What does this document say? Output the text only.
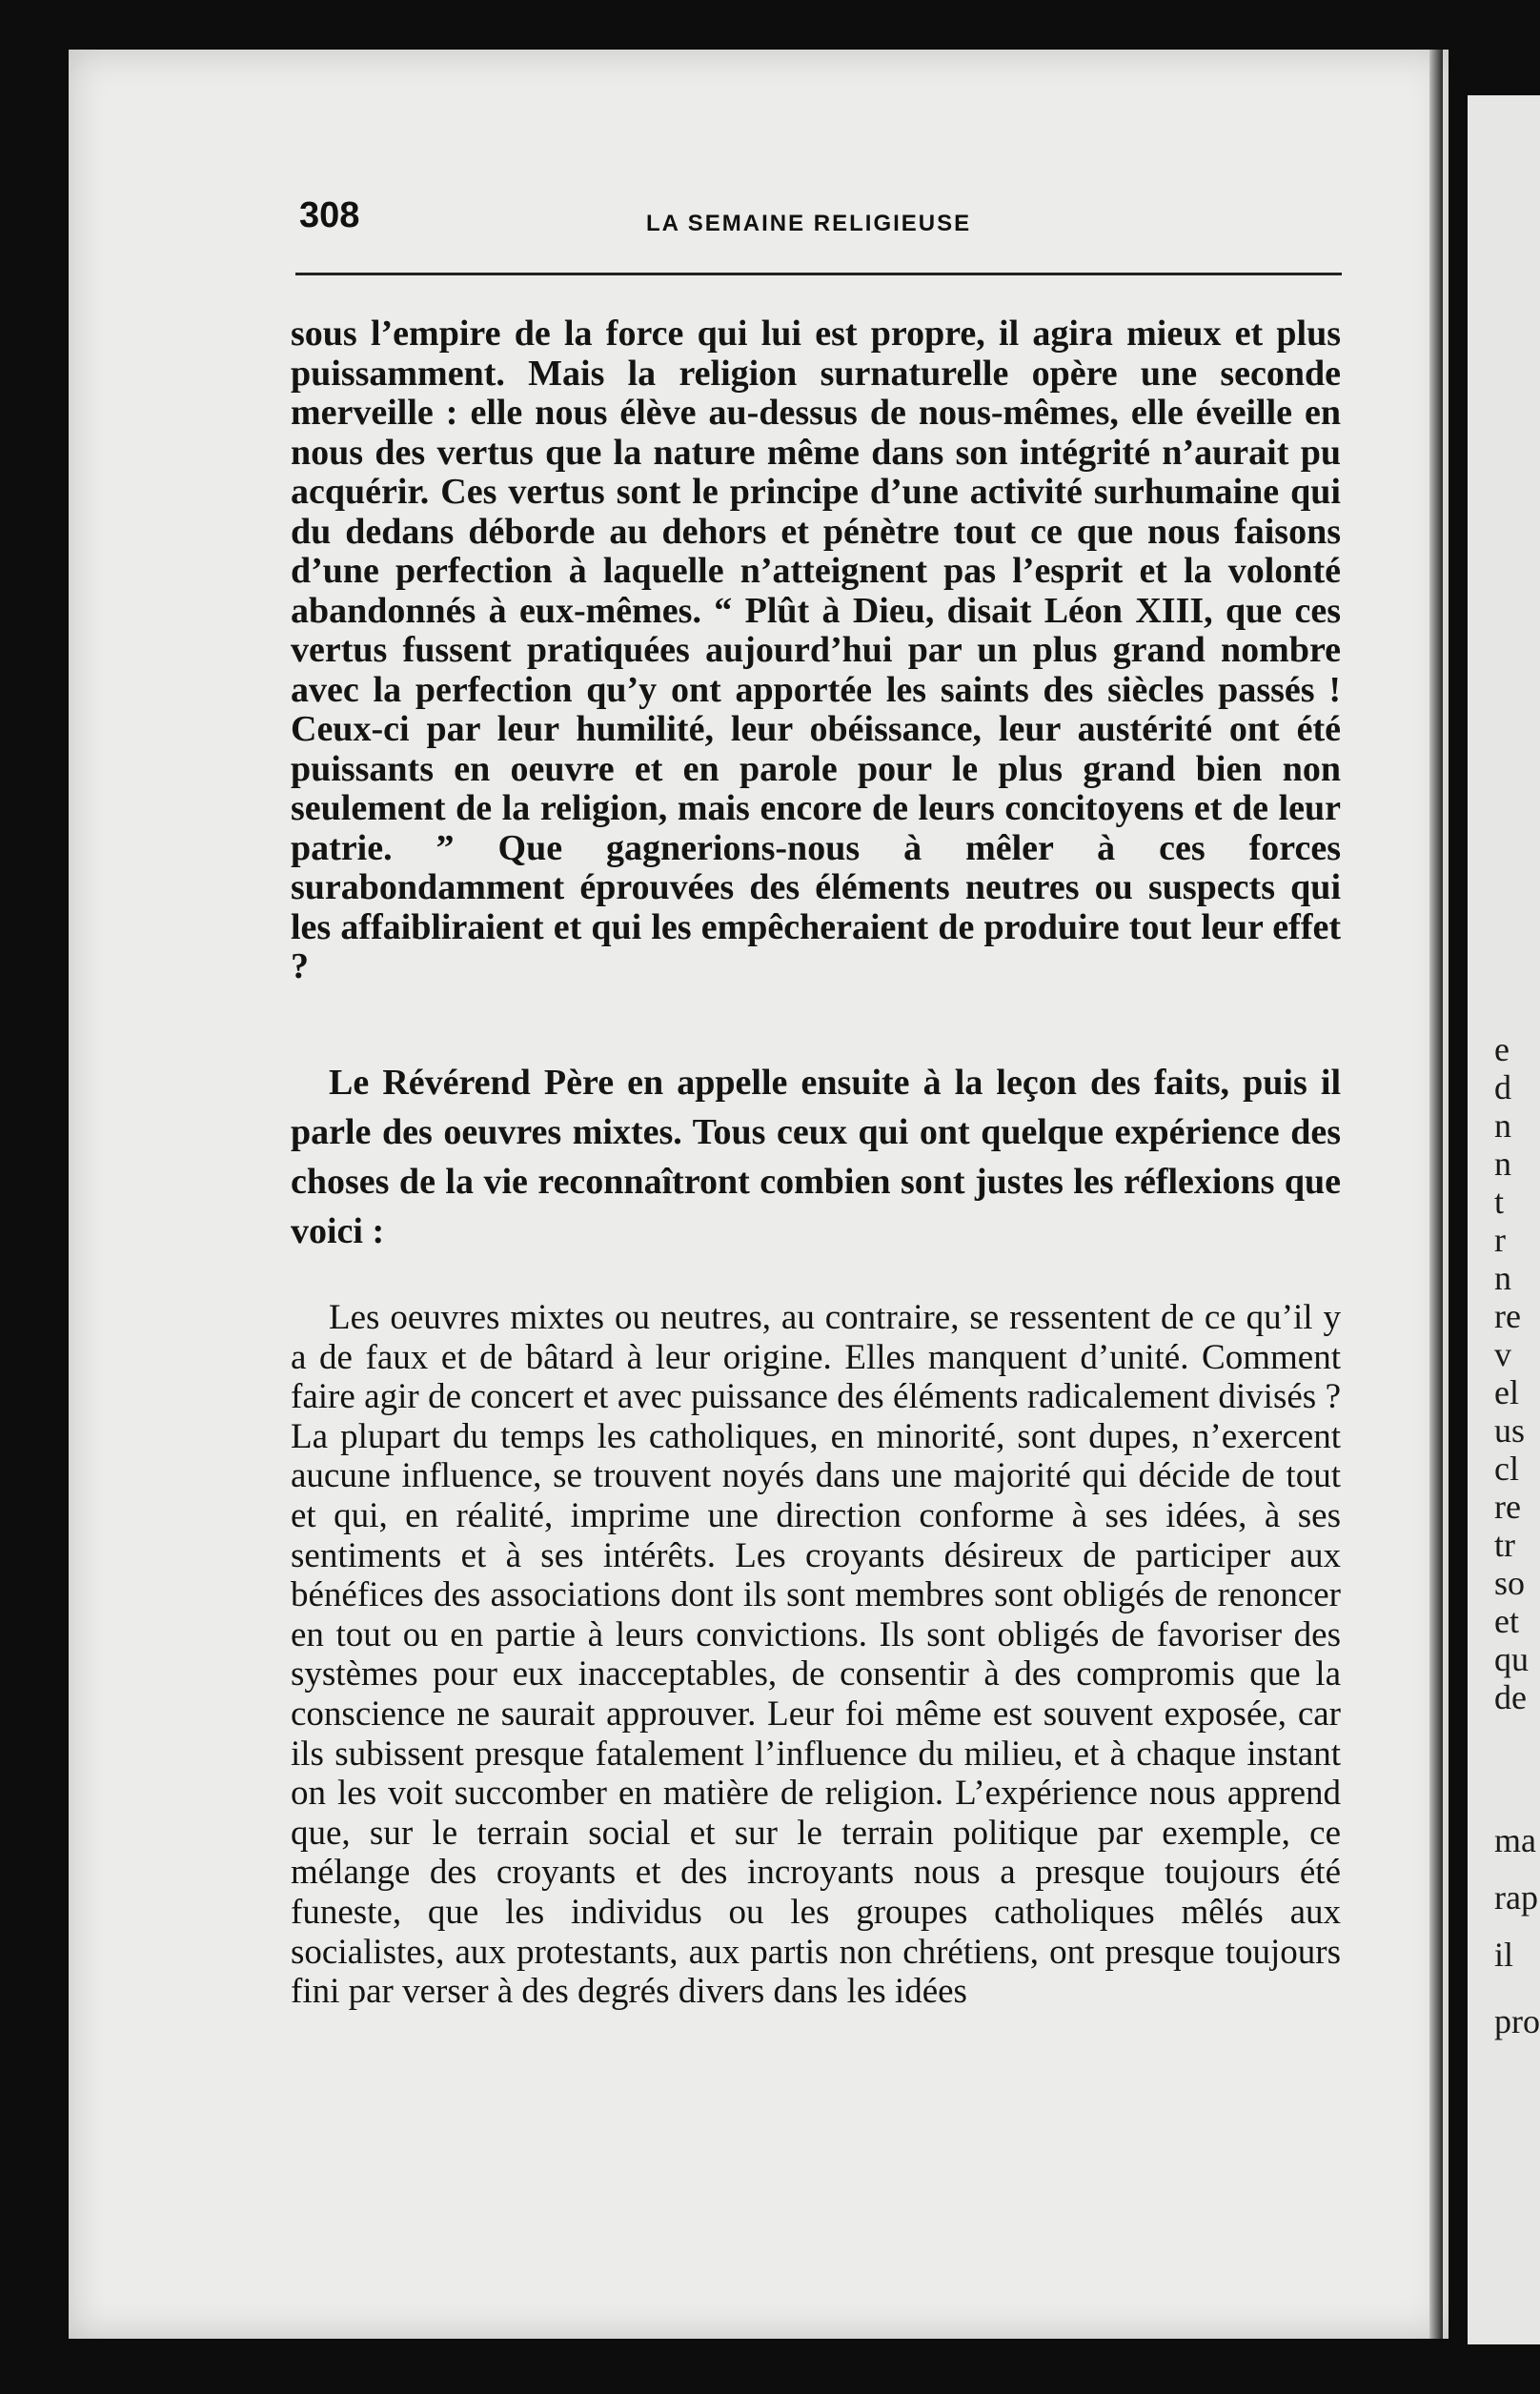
e
d
n
n
t
r
n
re
v
el
us
cl
re
tr
so
et
qu
de
ma
rap
il
pro
308	LA SEMAINE RELIGIEUSE
sous l’empire de la force qui lui est propre, il agira mieux et plus puissamment. Mais la religion surnaturelle opère une seconde merveille : elle nous élève au-dessus de nous-mêmes, elle éveille en nous des vertus que la nature même dans son intégrité n’aurait pu acquérir. Ces vertus sont le principe d’une activité surhumaine qui du dedans déborde au dehors et pénètre tout ce que nous faisons d’une perfection à laquelle n’atteignent pas l’esprit et la volonté abandonnés à eux-mêmes. “ Plût à Dieu, disait Léon XIII, que ces vertus fussent pratiquées aujourd’hui par un plus grand nombre avec la perfection qu’y ont apportée les saints des siècles passés ! Ceux-ci par leur humilité, leur obéissance, leur austérité ont été puissants en oeuvre et en parole pour le plus grand bien non seulement de la religion, mais encore de leurs concitoyens et de leur patrie. ” Que gagnerions-nous à mêler à ces forces surabondamment éprouvées des éléments neutres ou suspects qui les affaibliraient et qui les empêcheraient de produire tout leur effet ?
Le Révérend Père en appelle ensuite à la leçon des faits, puis il parle des oeuvres mixtes. Tous ceux qui ont quelque expérience des choses de la vie reconnaîtront combien sont justes les réflexions que voici :
Les oeuvres mixtes ou neutres, au contraire, se ressentent de ce qu’il y a de faux et de bâtard à leur origine. Elles manquent d’unité. Comment faire agir de concert et avec puissance des éléments radicalement divisés ? La plupart du temps les catholiques, en minorité, sont dupes, n’exercent aucune influence, se trouvent noyés dans une majorité qui décide de tout et qui, en réalité, imprime une direction conforme à ses idées, à ses sentiments et à ses intérêts. Les croyants désireux de participer aux bénéfices des associations dont ils sont membres sont obligés de renoncer en tout ou en partie à leurs convictions. Ils sont obligés de favoriser des systèmes pour eux inacceptables, de consentir à des compromis que la conscience ne saurait approuver. Leur foi même est souvent exposée, car ils subissent presque fatalement l’influence du milieu, et à chaque instant on les voit succomber en matière de religion. L’expérience nous apprend que, sur le terrain social et sur le terrain politique par exemple, ce mélange des croyants et des incroyants nous a presque toujours été funeste, que les individus ou les groupes catholiques mêlés aux socialistes, aux protestants, aux partis non chrétiens, ont presque toujours fini par verser à des degrés divers dans les idées
